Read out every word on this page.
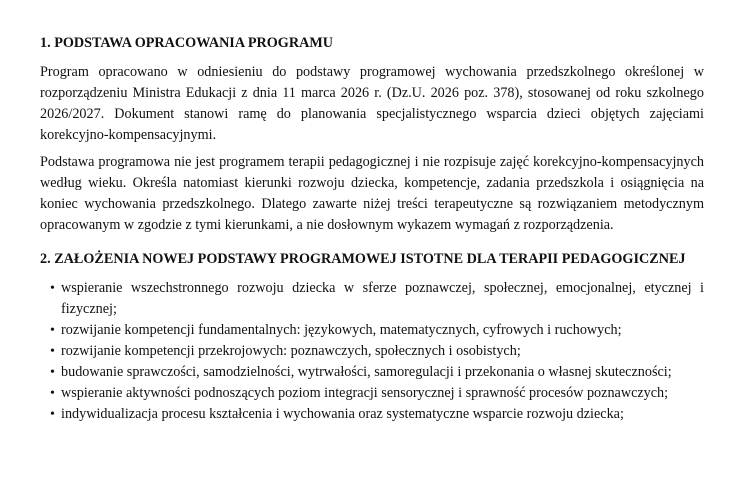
1. PODSTAWA OPRACOWANIA PROGRAMU

Program opracowano w odniesieniu do podstawy programowej wychowania przedszkolnego określonej w rozporządzeniu Ministra Edukacji z dnia 11 marca 2026 r. (Dz.U. 2026 poz. 378), stosowanej od roku szkolnego 2026/2027. Dokument stanowi ramę do planowania specjalistycznego wsparcia dzieci objętych zajęciami korekcyjno-kompensacyjnymi.

Podstawa programowa nie jest programem terapii pedagogicznej i nie rozpisuje zajęć korekcyjno-kompensacyjnych według wieku. Określa natomiast kierunki rozwoju dziecka, kompetencje, zadania przedszkola i osiągnięcia na koniec wychowania przedszkolnego. Dlatego zawarte niżej treści terapeutyczne są rozwiązaniem metodycznym opracowanym w zgodzie z tymi kierunkami, a nie dosłownym wykazem wymagań z rozporządzenia.

2. ZAŁOŻENIA NOWEJ PODSTAWY PROGRAMOWEJ ISTOTNE DLA TERAPII PEDAGOGICZNEJ
• wspieranie wszechstronnego rozwoju dziecka w sferze poznawczej, społecznej, emocjonalnej, etycznej i fizycznej;
• rozwijanie kompetencji fundamentalnych: językowych, matematycznych, cyfrowych i ruchowych;
• rozwijanie kompetencji przekrojowych: poznawczych, społecznych i osobistych;
• budowanie sprawczości, samodzielności, wytrwałości, samoregulacji i przekonania o własnej skuteczności;
• wspieranie aktywności podnoszących poziom integracji sensorycznej i sprawność procesów poznawczych;
• indywidualizacja procesu kształcenia i wychowania oraz systematyczne wsparcie rozwoju dziecka;
